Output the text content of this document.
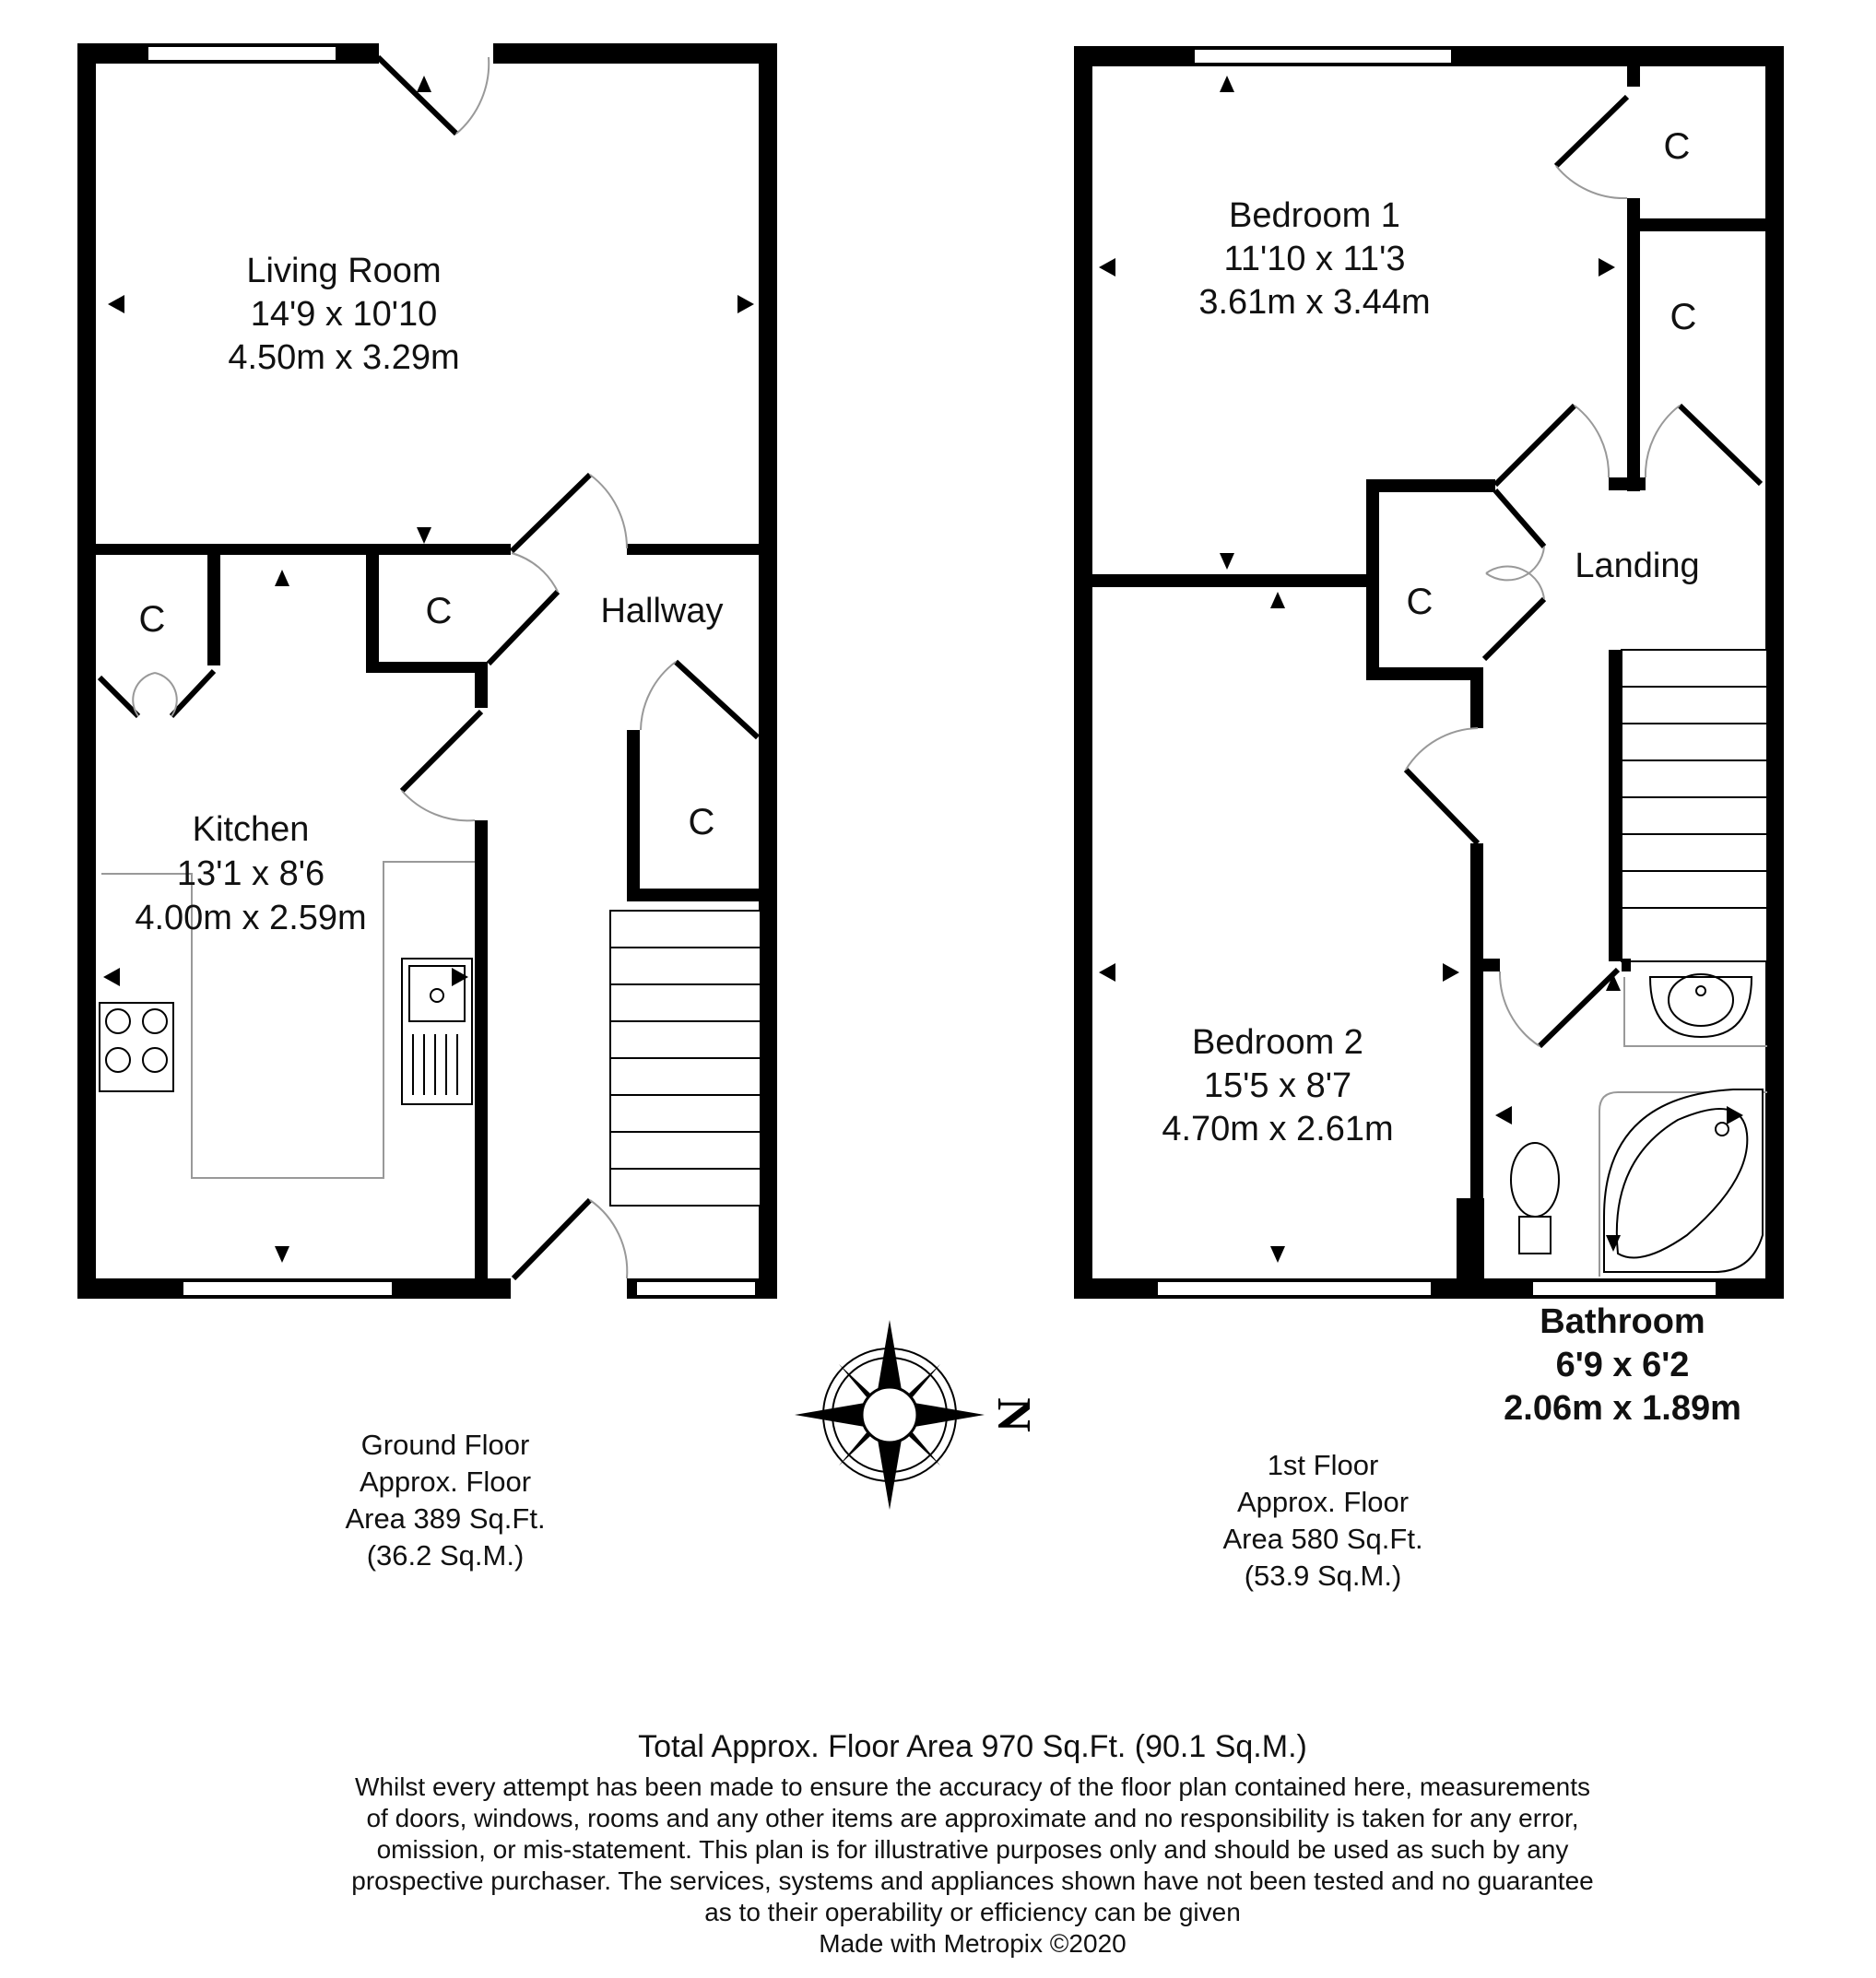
Living Room
14'9 x 10'10
4.50m x 3.29m
Kitchen
13'1 x 8'6
4.00m x 2.59m
Hallway
C	C
C
Ground Floor
Approx. Floor
Area 389 Sq.Ft.
(36.2 Sq.M.)
Bedroom 1
11'10 x 11'3
3.61m x 3.44m
Bedroom 2
15'5 x 8'7
4.70m x 2.61m
Landing
C
C
C
Bathroom
6'9 x 6'2
2.06m x 1.89m
1st Floor
Approx. Floor
Area 580 Sq.Ft.
(53.9 Sq.M.)
N
Total Approx. Floor Area 970 Sq.Ft. (90.1 Sq.M.)
Whilst every attempt has been made to ensure the accuracy of the floor plan contained here, measurements
of doors, windows, rooms and any other items are approximate and no responsibility is taken for any error,
omission, or mis-statement. This plan is for illustrative purposes only and should be used as such by any
prospective purchaser. The services, systems and appliances shown have not been tested and no guarantee
as to their operability or efficiency can be given
Made with Metropix ©2020
